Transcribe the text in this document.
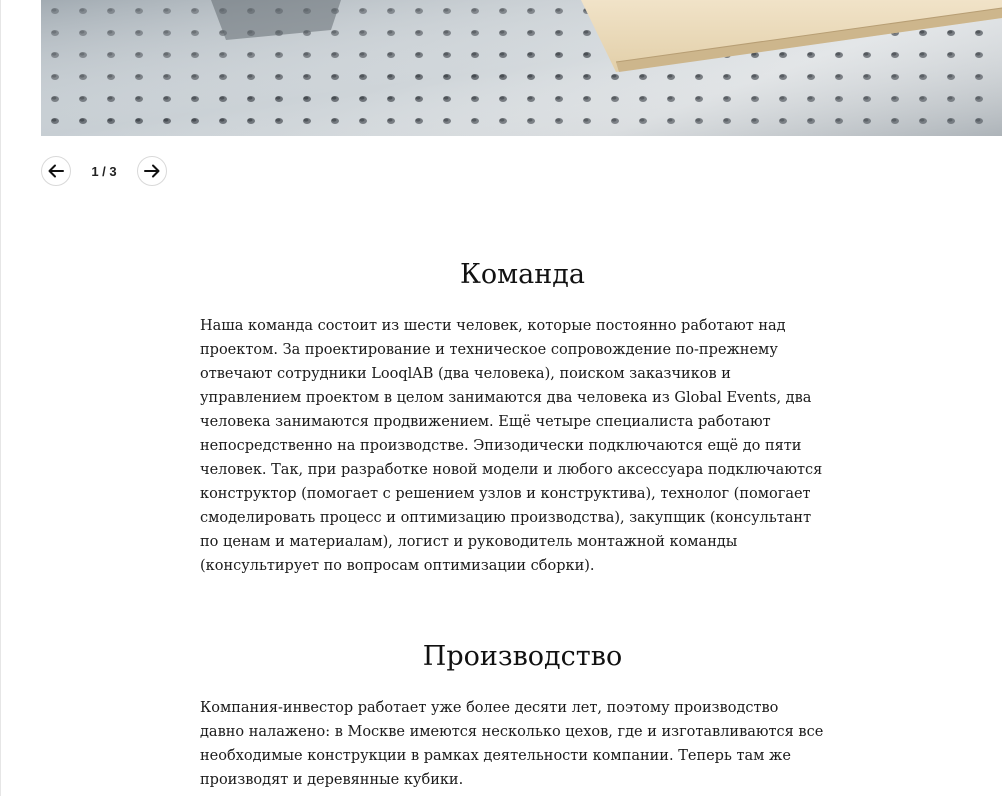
1 / 3
Команда

Наша команда состоит из шести человек, которые постоянно работают над проектом. За проектирование и техническое сопровождение по-прежнему отвечают сотрудники LooqlAB (два человека), поиском заказчиков и управлением проектом в целом занимаются два человека из Global Events, два человека занимаются продвижением. Ещё четыре специалиста работают непосредственно на производстве. Эпизодически подключаются ещё до пяти человек. Так, при разработке новой модели и любого аксессуара подключаются конструктор (помогает с решением узлов и конструктива), технолог (помогает смоделировать процесс и оптимизацию производства), закупщик (консультант по ценам и материалам), логист и руководитель монтажной команды (консультирует по вопросам оптимизации сборки).

Производство

Компания-инвестор работает уже более десяти лет, поэтому производство давно налажено: в Москве имеются несколько цехов, где и изготавливаются все необходимые конструкции в рамках деятельности компании. Теперь там же производят и деревянные кубики.
